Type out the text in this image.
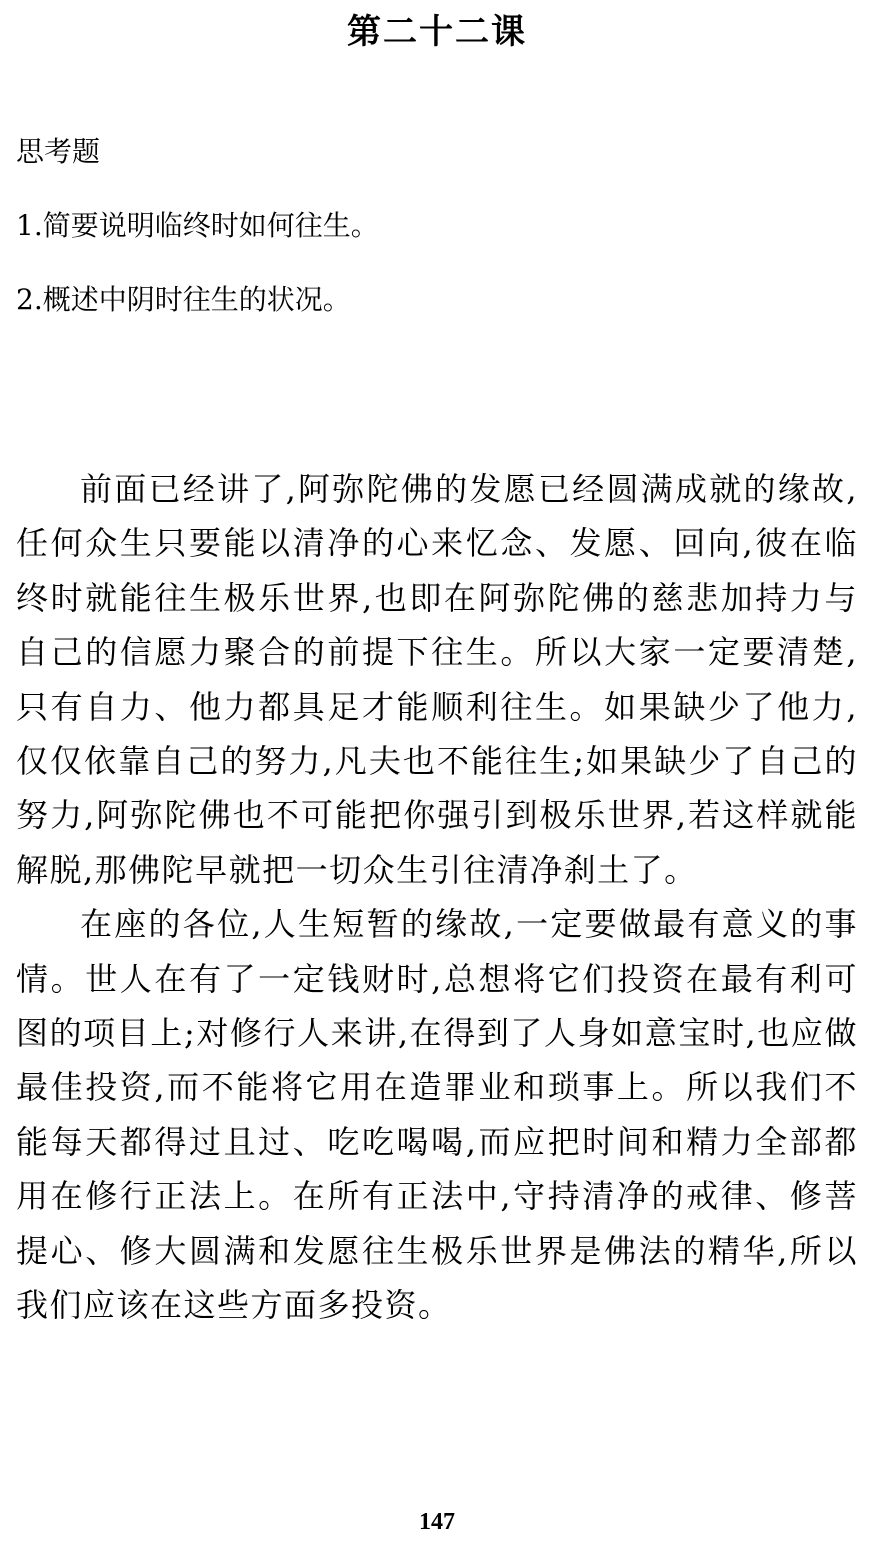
第二十二课
思考题
1.简要说明临终时如何往生。
2.概述中阴时往生的状况。

前面已经讲了,阿弥陀佛的发愿已经圆满成就的缘故,任何众生只要能以清净的心来忆念、发愿、回向,彼在临终时就能往生极乐世界,也即在阿弥陀佛的慈悲加持力与自己的信愿力聚合的前提下往生。所以大家一定要清楚,只有自力、他力都具足才能顺利往生。如果缺少了他力,仅仅依靠自己的努力,凡夫也不能往生;如果缺少了自己的努力,阿弥陀佛也不可能把你强引到极乐世界,若这样就能解脱,那佛陀早就把一切众生引往清净刹土了。

在座的各位,人生短暂的缘故,一定要做最有意义的事情。世人在有了一定钱财时,总想将它们投资在最有利可图的项目上;对修行人来讲,在得到了人身如意宝时,也应做最佳投资,而不能将它用在造罪业和琐事上。所以我们不能每天都得过且过、吃吃喝喝,而应把时间和精力全部都用在修行正法上。在所有正法中,守持清净的戒律、修菩提心、修大圆满和发愿往生极乐世界是佛法的精华,所以我们应该在这些方面多投资。

147
